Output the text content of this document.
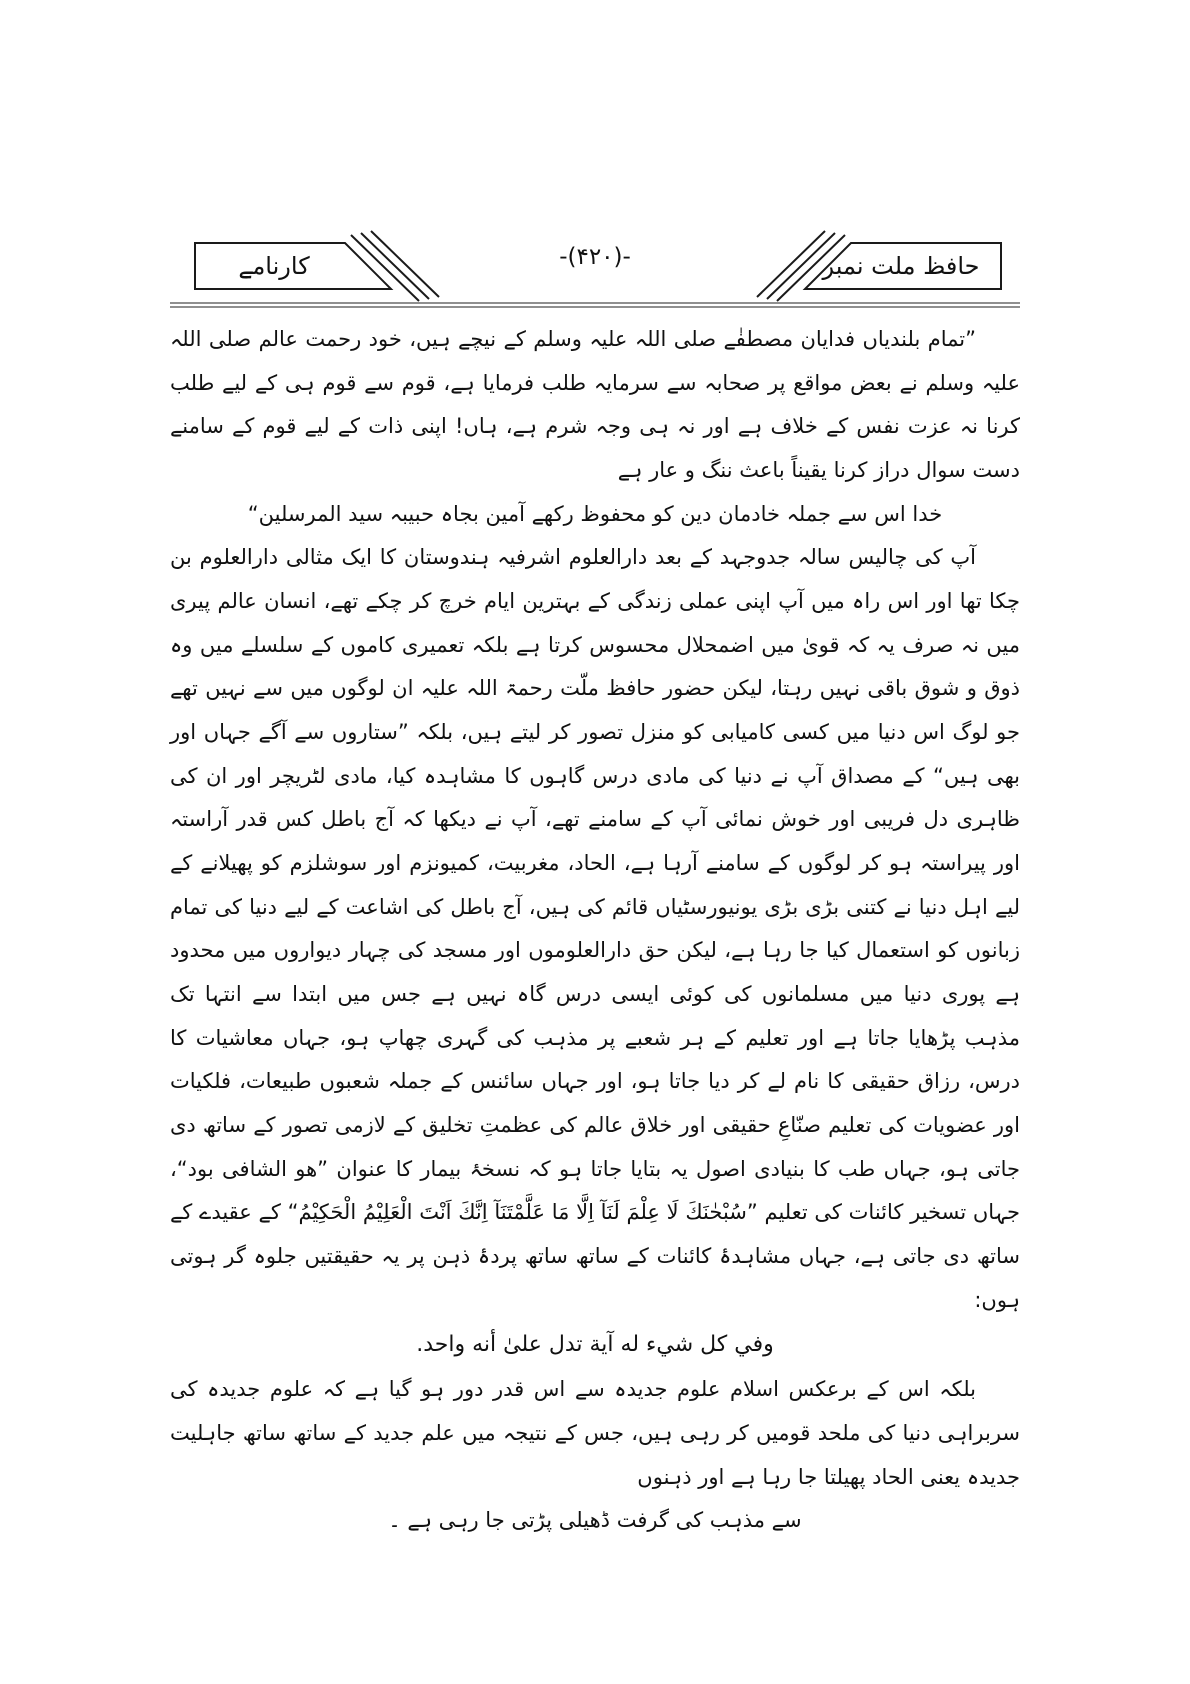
کارنامے	-(۴۲۰)-	حافظ ملت نمبر

”تمام بلندیاں فدایان مصطفٰے صلی اللہ علیہ وسلم کے نیچے ہیں، خود رحمت عالم صلی اللہ علیہ وسلم نے بعض مواقع پر صحابہ سے سرمایہ طلب فرمایا ہے، قوم سے قوم ہی کے لیے طلب کرنا نہ عزت نفس کے خلاف ہے اور نہ ہی وجہ شرم ہے، ہاں! اپنی ذات کے لیے قوم کے سامنے دست سوال دراز کرنا یقیناً باعث ننگ و عار ہے

خدا اس سے جملہ خادمان دین کو محفوظ رکھے آمین بجاہ حبیبہ سید المرسلین“

آپ کی چالیس سالہ جدوجہد کے بعد دارالعلوم اشرفیہ ہندوستان کا ایک مثالی دارالعلوم بن چکا تھا اور اس راہ میں آپ اپنی عملی زندگی کے بہترین ایام خرچ کر چکے تھے، انسان عالم پیری میں نہ صرف یہ کہ قویٰ میں اضمحلال محسوس کرتا ہے بلکہ تعمیری کاموں کے سلسلے میں وہ ذوق و شوق باقی نہیں رہتا، لیکن حضور حافظ ملّت رحمۃ اللہ علیہ ان لوگوں میں سے نہیں تھے جو لوگ اس دنیا میں کسی کامیابی کو منزل تصور کر لیتے ہیں، بلکہ ”ستاروں سے آگے جہاں اور بھی ہیں“ کے مصداق آپ نے دنیا کی مادی درس گاہوں کا مشاہدہ کیا، مادی لٹریچر اور ان کی ظاہری دل فریبی اور خوش نمائی آپ کے سامنے تھے، آپ نے دیکھا کہ آج باطل کس قدر آراستہ اور پیراستہ ہو کر لوگوں کے سامنے آرہا ہے، الحاد، مغربیت، کمیونزم اور سوشلزم کو پھیلانے کے لیے اہل دنیا نے کتنی بڑی بڑی یونیورسٹیاں قائم کی ہیں، آج باطل کی اشاعت کے لیے دنیا کی تمام زبانوں کو استعمال کیا جا رہا ہے، لیکن حق دارالعلوموں اور مسجد کی چہار دیواروں میں محدود ہے پوری دنیا میں مسلمانوں کی کوئی ایسی درس گاہ نہیں ہے جس میں ابتدا سے انتہا تک مذہب پڑھایا جاتا ہے اور تعلیم کے ہر شعبے پر مذہب کی گہری چھاپ ہو، جہاں معاشیات کا درس، رزاق حقیقی کا نام لے کر دیا جاتا ہو، اور جہاں سائنس کے جملہ شعبوں طبیعات، فلکیات اور عضویات کی تعلیم صنّاعِ حقیقی اور خلاق عالم کی عظمتِ تخلیق کے لازمی تصور کے ساتھ دی جاتی ہو، جہاں طب کا بنیادی اصول یہ بتایا جاتا ہو کہ نسخۂ بیمار کا عنوان ”ھو الشافی بود“، جہاں تسخیر کائنات کی تعلیم ”سُبْحٰنَكَ لَا عِلْمَ لَنَآ اِلَّا مَا عَلَّمْتَنَآ اِنَّكَ اَنْتَ الْعَلِيْمُ الْحَكِيْمُ“ کے عقیدے کے ساتھ دی جاتی ہے، جہاں مشاہدۂ کائنات کے ساتھ ساتھ پردۂ ذہن پر یہ حقیقتیں جلوہ گر ہوتی ہوں:

وفي كل شيء له آية تدل علىٰ أنه واحد.

بلکہ اس کے برعکس اسلام علوم جدیدہ سے اس قدر دور ہو گیا ہے کہ علوم جدیدہ کی سربراہی دنیا کی ملحد قومیں کر رہی ہیں، جس کے نتیجہ میں علم جدید کے ساتھ ساتھ جاہلیت جدیدہ یعنی الحاد پھیلتا جا رہا ہے اور ذہنوں

سے مذہب کی گرفت ڈھیلی پڑتی جا رہی ہے ۔
